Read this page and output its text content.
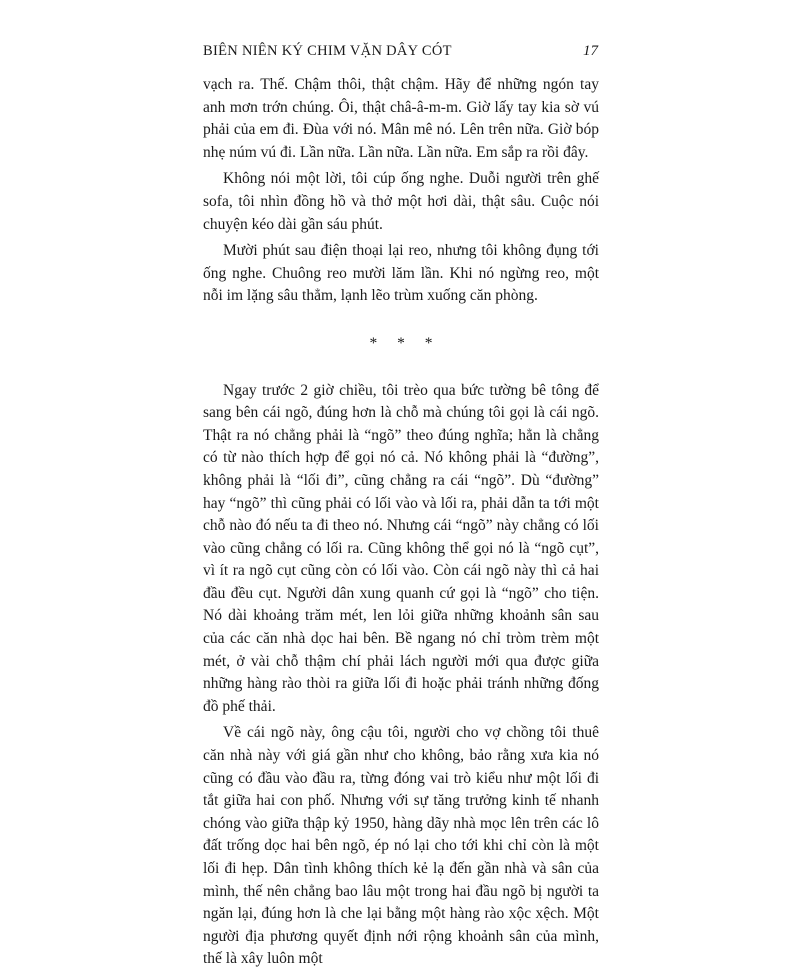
BIÊN NIÊN KÝ CHIM VẶN DÂY CÓT	17

vạch ra. Thế. Chậm thôi, thật chậm. Hãy để những ngón tay anh mơn trớn chúng. Ôi, thật châ-â-m-m. Giờ lấy tay kia sờ vú phải của em đi. Đùa với nó. Mân mê nó. Lên trên nữa. Giờ bóp nhẹ núm vú đi. Lần nữa. Lần nữa. Lần nữa. Em sắp ra rồi đây.

Không nói một lời, tôi cúp ống nghe. Duỗi người trên ghế sofa, tôi nhìn đồng hồ và thở một hơi dài, thật sâu. Cuộc nói chuyện kéo dài gần sáu phút.

Mười phút sau điện thoại lại reo, nhưng tôi không đụng tới ống nghe. Chuông reo mười lăm lần. Khi nó ngừng reo, một nỗi im lặng sâu thẳm, lạnh lẽo trùm xuống căn phòng.

* * *

Ngay trước 2 giờ chiều, tôi trèo qua bức tường bê tông để sang bên cái ngõ, đúng hơn là chỗ mà chúng tôi gọi là cái ngõ. Thật ra nó chẳng phải là “ngõ” theo đúng nghĩa; hẳn là chẳng có từ nào thích hợp để gọi nó cả. Nó không phải là “đường”, không phải là “lối đi”, cũng chẳng ra cái “ngõ”. Dù “đường” hay “ngõ” thì cũng phải có lối vào và lối ra, phải dẫn ta tới một chỗ nào đó nếu ta đi theo nó. Nhưng cái “ngõ” này chẳng có lối vào cũng chẳng có lối ra. Cũng không thể gọi nó là “ngõ cụt”, vì ít ra ngõ cụt cũng còn có lối vào. Còn cái ngõ này thì cả hai đầu đều cụt. Người dân xung quanh cứ gọi là “ngõ” cho tiện. Nó dài khoảng trăm mét, len lỏi giữa những khoảnh sân sau của các căn nhà dọc hai bên. Bề ngang nó chỉ tròm trèm một mét, ở vài chỗ thậm chí phải lách người mới qua được giữa những hàng rào thòi ra giữa lối đi hoặc phải tránh những đống đồ phế thải.

Về cái ngõ này, ông cậu tôi, người cho vợ chồng tôi thuê căn nhà này với giá gần như cho không, bảo rằng xưa kia nó cũng có đầu vào đầu ra, từng đóng vai trò kiểu như một lối đi tắt giữa hai con phố. Nhưng với sự tăng trưởng kinh tế nhanh chóng vào giữa thập kỷ 1950, hàng dãy nhà mọc lên trên các lô đất trống dọc hai bên ngõ, ép nó lại cho tới khi chỉ còn là một lối đi hẹp. Dân tình không thích kẻ lạ đến gần nhà và sân của mình, thế nên chẳng bao lâu một trong hai đầu ngõ bị người ta ngăn lại, đúng hơn là che lại bằng một hàng rào xộc xệch. Một người địa phương quyết định nới rộng khoảnh sân của mình, thế là xây luôn một
